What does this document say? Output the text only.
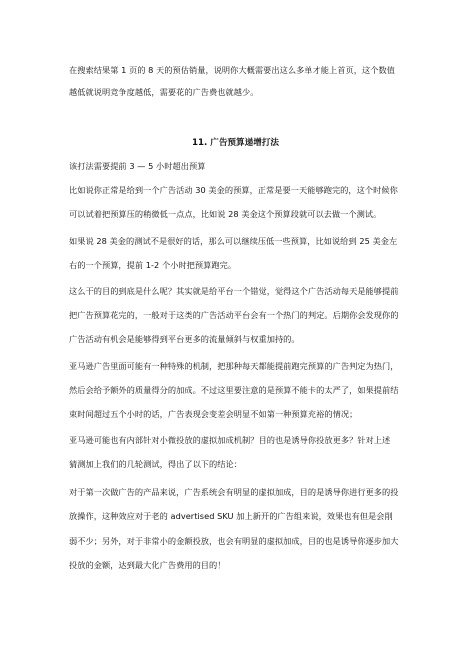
在搜索结果第 1 页的 8 天的预估销量，说明你大概需要出这么多单才能上首页，这个数值
越低就说明竞争度越低，需要花的广告费也就越少。
11. 广告预算递增打法
该打法需要提前 3 — 5 小时超出预算
比如说你正常是给到一个广告活动 30 美金的预算，正常是要一天能够跑完的，这个时候你
可以试着把预算压的稍微低一点点，比如说 28 美金这个预算段就可以去做一个测试。
如果说 28 美金的测试不是很好的话，那么可以继续压低一些预算，比如说给到 25 美金左
右的一个预算，提前 1-2 个小时把预算跑完。
这么干的目的到底是什么呢？其实就是给平台一个错觉，觉得这个广告活动每天是能够提前
把广告预算花完的，一般对于这类的广告活动平台会有一个热门的判定。后期你会发现你的
广告活动有机会是能够得到平台更多的流量倾斜与权重加持的。
亚马逊广告里面可能有一种特殊的机制，把那种每天都能提前跑完预算的广告判定为热门，
然后会给予额外的质量得分的加成。不过这里要注意的是预算不能卡的太严了，如果提前结
束时间超过五个小时的话，广告表现会变差会明显不如第一种预算充裕的情况；
亚马逊可能也有内部针对小微投放的虚拟加成机制？目的也是诱导你投放更多？针对上述
猜测加上我们的几轮测试，得出了以下的结论：
对于第一次做广告的产品来说，广告系统会有明显的虚拟加成，目的是诱导你进行更多的投
放操作，这种效应对于老的 advertised SKU 加上新开的广告组来说，效果也有但是会削
弱不少；另外，对于非常小的金额投放，也会有明显的虚拟加成，目的也是诱导你逐步加大
投放的金额，达到最大化广告费用的目的！
